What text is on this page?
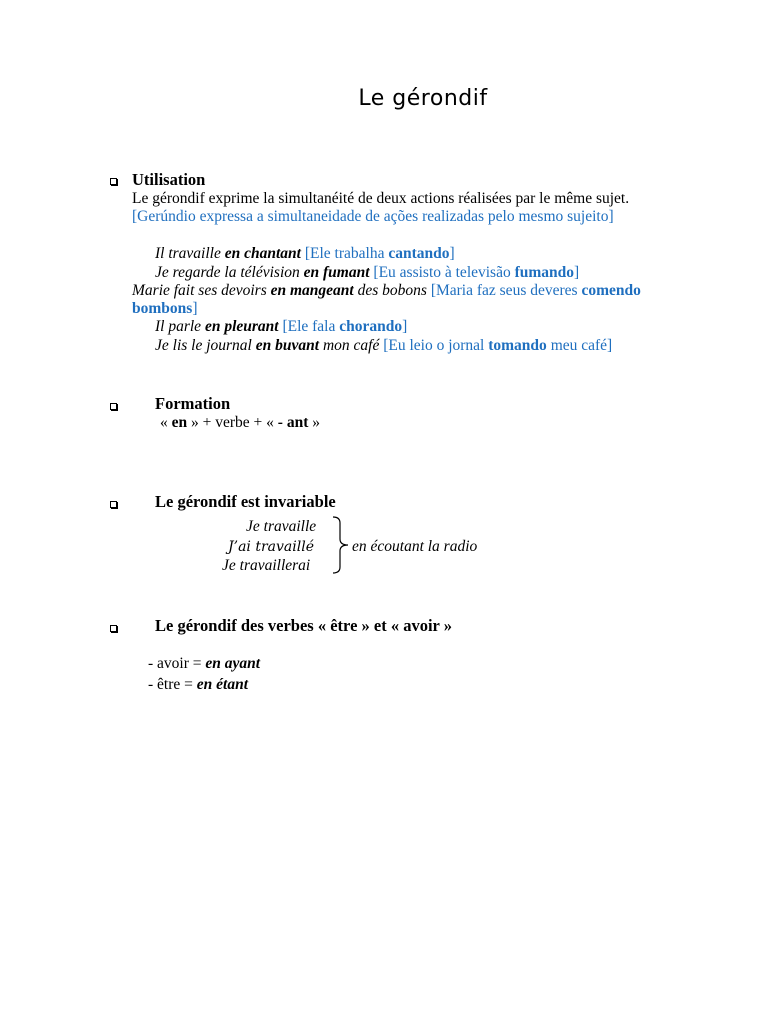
Le gérondif
Utilisation
Le gérondif exprime la simultanéité de deux actions réalisées par le même sujet.
[Gerúndio expressa a simultaneidade de ações realizadas pelo mesmo sujeito]
Il travaille en chantant [Ele trabalha cantando]
Je regarde la télévision en fumant [Eu assisto à televisão fumando]
Marie fait ses devoirs en mangeant des bobons [Maria faz seus deveres comendo
bombons]
Il parle en pleurant [Ele fala chorando]
Je lis le journal en buvant mon café [Eu leio o jornal tomando meu café]
Formation
« en » + verbe + « - ant »
Le gérondif est invariable
Je travaille
J’ai travaillé
Je travaillerai
en écoutant la radio
Le gérondif des verbes « être » et « avoir »
- avoir = en ayant
- être = en étant
